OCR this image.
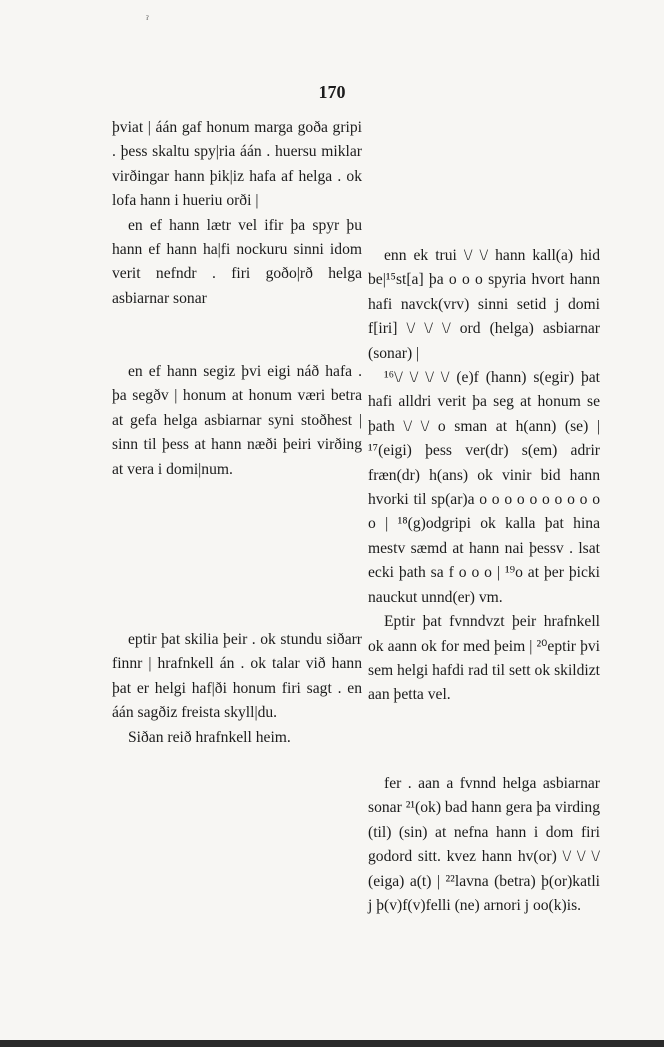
ˀ
170

þviat | áán gaf honum marga goða gripi . þess skaltu spy|ria áán . huersu miklar virðingar hann þik|iz hafa af helga . ok lofa hann i hueriu orði |

en ef hann lætr vel ifir þa spyr þu hann ef hann ha|fi nockuru sinni idom verit nefndr . firi goðo|rð helga asbiarnar sonar

en ef hann segiz þvi eigi náð hafa . þa segðv | honum at honum væri betra at gefa helga asbiarnar syni stoðhest | sinn til þess at hann næði þeiri virðing at vera i domi|num.

eptir þat skilia þeir . ok stundu siðarr finnr | hrafnkell án . ok talar við hann þat er helgi haf|ði honum firi sagt . en áán sagðiz freista skyll|du.

Siðan reið hrafnkell heim.

enn ek trui \/ \/ hann kall(a) hid be|¹⁵st[a] þa o o o spyria hvort hann hafi navck(vrv) sinni setid j domi f[iri] \/ \/ \/ ord (helga) asbiarnar (sonar) |

¹⁶\/ \/ \/ \/ (e)f (hann) s(egir) þat hafi alldri verit þa seg at honum se þath \/ \/ o sman at h(ann) (se) | ¹⁷(eigi) þess ver(dr) s(em) adrir fræn(dr) h(ans) ok vinir bid hann hvorki til sp(ar)a o o o o o o o o o o o | ¹⁸(g)odgripi ok kalla þat hina mestv sæmd at hann nai þessv . lsat ecki þath sa f o o o | ¹⁹o at þer þicki nauckut unnd(er) vm.

Eptir þat fvnndvzt þeir hrafnkell ok aann ok for med þeim | ²⁰eptir þvi sem helgi hafdi rad til sett ok skildizt aan þetta vel.

fer . aan a fvnnd helga asbiarnar sonar ²¹(ok) bad hann gera þa virding (til) (sin) at nefna hann i dom firi godord sitt. kvez hann hv(or) \/ \/ \/ (eiga) a(t) | ²²lavna (betra) þ(or)katli j þ(v)f(v)felli (ne) arnori j oo(k)is.
